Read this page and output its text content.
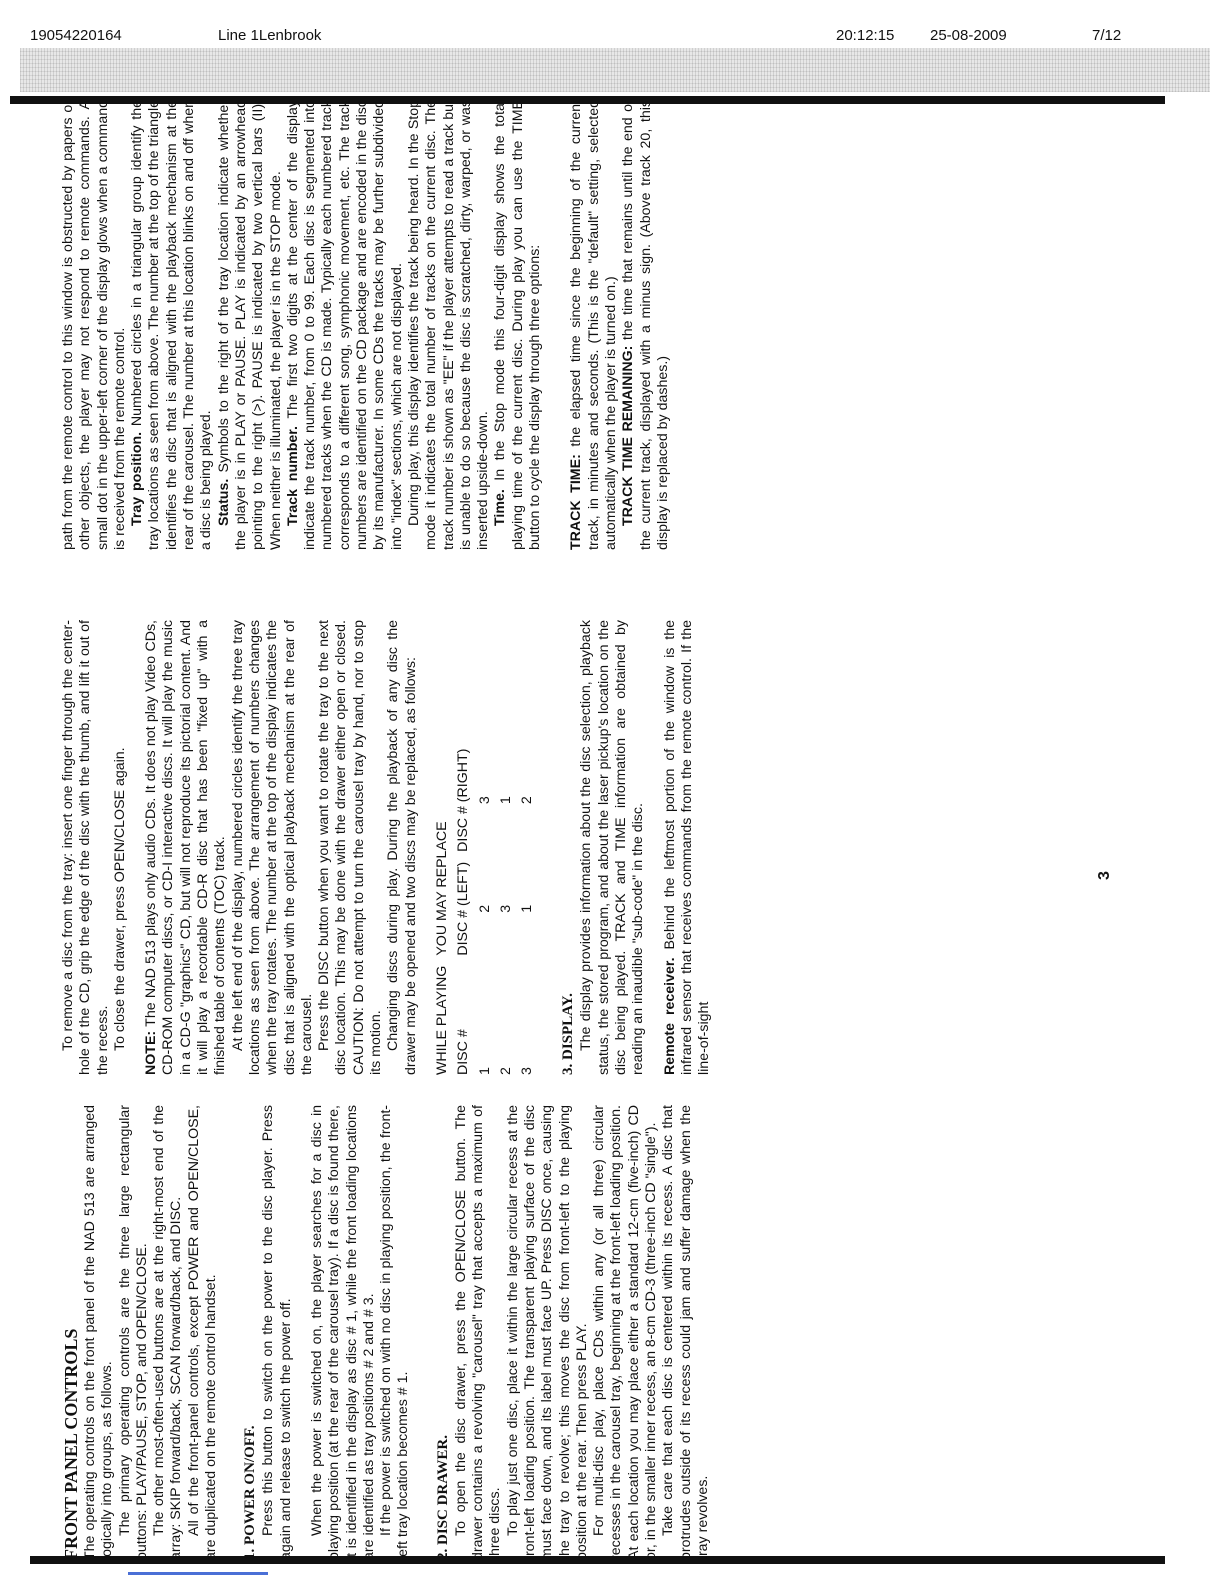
19054220164	Line 1Lenbrook	20:12:15 25-08-2009	7/12
FRONT PANEL CONTROLS The operating controls on the front panel of the NAD 513 are arranged logically into groups, as follows. The primary operating controls are the three large rectangular buttons: PLAY/PAUSE, STOP, and OPEN/CLOSE. The other most-often-used buttons are at the right-most end of the array: SKIP forward/back, SCAN forward/back, and DISC. All of the front-panel controls, except POWER and OPEN/CLOSE, are duplicated on the remote control handset. 1. POWER ON/OFF. Press this button to switch on the power to the disc player. Press again and release to switch the power off. When the power is switched on, the player searches for a disc in playing position (at the rear of the carousel tray). If a disc is found there, it is identified in the display as disc # 1, while the front loading locations are identified as tray positions # 2 and # 3. If the power is switched on with no disc in playing position, the front-left tray location becomes # 1. 2. DISC DRAWER. To open the disc drawer, press the OPEN/CLOSE button. The drawer contains a revolving "carousel" tray that accepts a maximum of three discs. To play just one disc, place it within the large circular recess at the front-left loading position. The transparent playing surface of the disc must face down, and its label must face UP. Press DISC once, causing the tray to revolve; this moves the disc from front-left to the playing position at the rear. Then press PLAY. For multi-disc play, place CDs within any (or all three) circular recesses in the carousel tray, beginning at the front-left loading position. At each location you may place either a standard 12-cm (five-inch) CD or, in the smaller inner recess, an 8-cm CD-3 (three-inch CD "single"). Take care that each disc is centered within its recess. A disc that protrudes outside of its recess could jam and suffer damage when the tray revolves.

To remove a disc from the tray: insert one finger through the center-hole of the CD, grip the edge of the disc with the thumb, and lift it out of the recess. To close the drawer, press OPEN/CLOSE again.

NOTE: The NAD 513 plays only audio CDs. It does not play Video CDs, CD-ROM computer discs, or CD-I interactive discs. It will play the music in a CD-G "graphics" CD, but will not reproduce its pictorial content. And it will play a recordable CD-R disc that has been "fixed up" with a finished table of contents (TOC) track. At the left end of the display, numbered circles identify the three tray locations as seen from above. The arrangement of numbers changes when the tray rotates. The number at the top of the display indicates the disc that is aligned with the optical playback mechanism at the rear of the carousel. Press the DISC button when you want to rotate the tray to the next disc location. This may be done with the drawer either open or closed. CAUTION: Do not attempt to turn the carousel tray by hand, nor to stop its motion. Changing discs during play. During the playback of any disc the drawer may be opened and two discs may be replaced, as follows: WHILE PLAYING	YOU MAY REPLACE	
DISC #	DISC # (LEFT)	DISC # (RIGHT)
1	2	3
2	3	1
3	1	2
3. DISPLAY. The display provides information about the disc selection, playback status, the stored program, and about the laser pickup's location on the disc being played. TRACK and TIME information are obtained by reading an inaudible "sub-code" in the disc. Remote receiver. Behind the leftmost portion of the window is the infrared sensor that receives commands from the remote control. If the line-of-sight

path from the remote control to this window is obstructed by papers or other objects, the player may not respond to remote commands. A small dot in the upper-left corner of the display glows when a command is received from the remote control. Tray position. Numbered circles in a triangular group identify the tray locations as seen from above. The number at the top of the triangle identifies the disc that is aligned with the playback mechanism at the rear of the carousel. The number at this location blinks on and off when a disc is being played. Status. Symbols to the right of the tray location indicate whether the player is in PLAY or PAUSE. PLAY is indicated by an arrowhead pointing to the right (>). PAUSE is indicated by two vertical bars (II). When neither is illuminated, the player is in the STOP mode. Track number. The first two digits at the center of the display indicate the track number, from 0 to 99. Each disc is segmented into numbered tracks when the CD is made. Typically each numbered track corresponds to a different song, symphonic movement, etc. The track numbers are identified on the CD package and are encoded in the disc by its manufacturer. In some CDs the tracks may be further subdivided into "index" sections, which are not displayed. During play, this display identifies the track being heard. In the Stop mode it indicates the total number of tracks on the current disc. The track number is shown as "EE" if the player attempts to read a track but is unable to do so because the disc is scratched, dirty, warped, or was inserted upside-down. Time. In the Stop mode this four-digit display shows the total playing time of the current disc. During play you can use the TIME button to cycle the display through three options: TRACK TIME: the elapsed time since the beginning of the current track, in minutes and seconds. (This is the "default" setting, selected automatically when the player is turned on.) TRACK TIME REMAINING: the time that remains until the end of the current track, displayed with a minus sign. (Above track 20, this display is replaced by dashes.)

3
